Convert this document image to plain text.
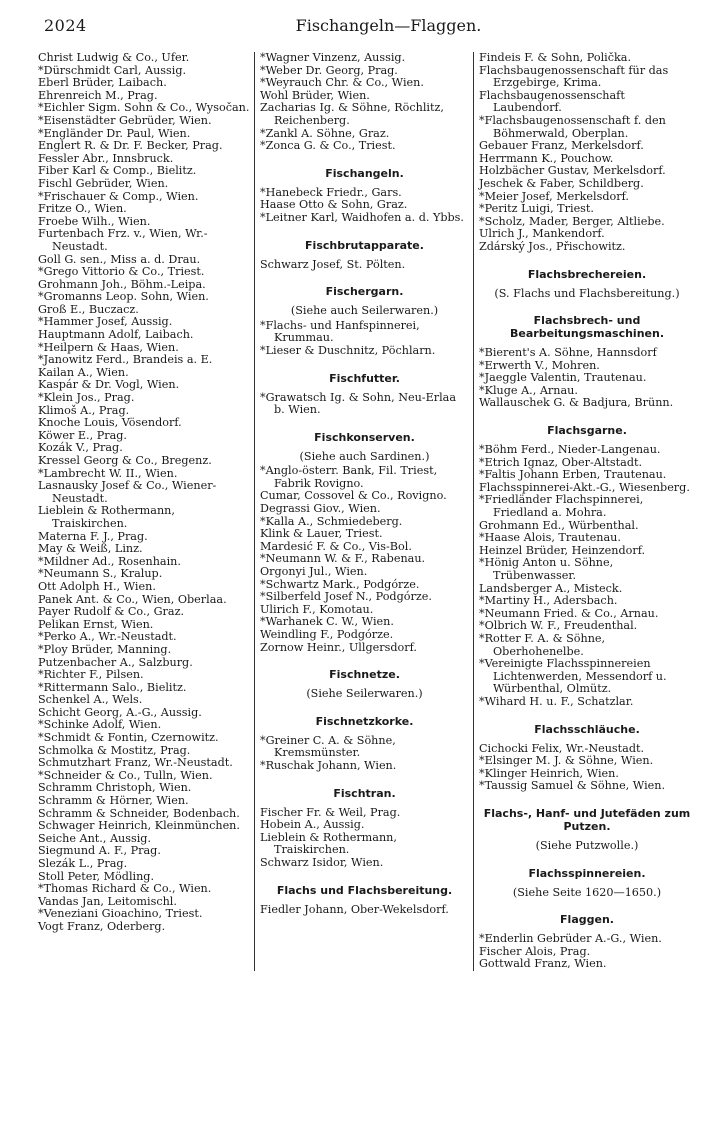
2024	Fischangeln—Flaggen.
Christ Ludwig & Co., Ufer.
*Dürschmidt Carl, Aussig.
Eberl Brüder, Laibach.
Ehrenreich M., Prag.
*Eichler Sigm. Sohn & Co., Wysočan.
*Eisenstädter Gebrüder, Wien.
*Engländer Dr. Paul, Wien.
Englert R. & Dr. F. Becker, Prag.
Fessler Abr., Innsbruck.
Fiber Karl & Comp., Bielitz.
Fischl Gebrüder, Wien.
*Frischauer & Comp., Wien.
Fritze O., Wien.
Froebe Wilh., Wien.
Furtenbach Frz. v., Wien, Wr.-Neustadt.
Goll G. sen., Miss a. d. Drau.
*Grego Vittorio & Co., Triest.
Grohmann Joh., Böhm.-Leipa.
*Gromanns Leop. Sohn, Wien.
Groß E., Buczacz.
*Hammer Josef, Aussig.
Hauptmann Adolf, Laibach.
*Heilpern & Haas, Wien.
*Janowitz Ferd., Brandeis a. E.
Kailan A., Wien.
Kaspár & Dr. Vogl, Wien.
*Klein Jos., Prag.
Klimoš A., Prag.
Knoche Louis, Vösendorf.
Köwer E., Prag.
Kozák V., Prag.
Kressel Georg & Co., Bregenz.
*Lambrecht W. II., Wien.
Lasnausky Josef & Co., Wiener-Neustadt.
Lieblein & Rothermann, Traiskirchen.
Materna F. J., Prag.
May & Weiß, Linz.
*Mildner Ad., Rosenhain.
*Neumann S., Kralup.
Ott Adolph H., Wien.
Panek Ant. & Co., Wien, Oberlaa.
Payer Rudolf & Co., Graz.
Pelikan Ernst, Wien.
*Perko A., Wr.-Neustadt.
*Ploy Brüder, Manning.
Putzenbacher A., Salzburg.
*Richter F., Pilsen.
*Rittermann Salo., Bielitz.
Schenkel A., Wels.
Schicht Georg, A.-G., Aussig.
*Schinke Adolf, Wien.
*Schmidt & Fontin, Czernowitz.
Schmolka & Mostitz, Prag.
Schmutzhart Franz, Wr.-Neustadt.
*Schneider & Co., Tulln, Wien.
Schramm Christoph, Wien.
Schramm & Hörner, Wien.
Schramm & Schneider, Bodenbach.
Schwager Heinrich, Kleinmünchen.
Seiche Ant., Aussig.
Siegmund A. F., Prag.
Slezák L., Prag.
Stoll Peter, Mödling.
*Thomas Richard & Co., Wien.
Vandas Jan, Leitomischl.
*Veneziani Gioachino, Triest.
Vogt Franz, Oderberg.
*Wagner Vinzenz, Aussig.
*Weber Dr. Georg, Prag.
*Weyrauch Chr. & Co., Wien.
Wohl Brüder, Wien.
Zacharias Ig. & Söhne, Röchlitz, Reichenberg.
*Zankl A. Söhne, Graz.
*Zonca G. & Co., Triest.
Fischangeln.
*Hanebeck Friedr., Gars.
Haase Otto & Sohn, Graz.
*Leitner Karl, Waidhofen a. d. Ybbs.
Fischbrutapparate.
Schwarz Josef, St. Pölten.
Fischergarn.
(Siehe auch Seilerwaren.)
*Flachs- und Hanfspinnerei, Krummau.
*Lieser & Duschnitz, Pöchlarn.
Fischfutter.
*Grawatsch Ig. & Sohn, Neu-Erlaa b. Wien.
Fischkonserven.
(Siehe auch Sardinen.)
*Anglo-österr. Bank, Fil. Triest, Fabrik Rovigno.
Cumar, Cossovel & Co., Rovigno.
Degrassi Giov., Wien.
*Kalla A., Schmiedeberg.
Klink & Lauer, Triest.
Mardesić F. & Co., Vis-Bol.
*Neumann W. & F., Rabenau.
Orgonyi Jul., Wien.
*Schwartz Mark., Podgórze.
*Silberfeld Josef N., Podgórze.
Ulirich F., Komotau.
*Warhanek C. W., Wien.
Weindling F., Podgórze.
Zornow Heinr., Ullgersdorf.
Fischnetze.
(Siehe Seilerwaren.)
Fischnetzkorke.
*Greiner C. A. & Söhne, Kremsmünster.
*Ruschak Johann, Wien.
Fischtran.
Fischer Fr. & Weil, Prag.
Hobein A., Aussig.
Lieblein & Rothermann, Traiskirchen.
Schwarz Isidor, Wien.
Flachs und Flachsbereitung.
Fiedler Johann, Ober-Wekelsdorf.
Findeis F. & Sohn, Polička.
Flachsbaugenossenschaft für das Erzgebirge, Krima.
Flachsbaugenossenschaft Laubendorf.
*Flachsbaugenossenschaft f. den Böhmerwald, Oberplan.
Gebauer Franz, Merkelsdorf.
Herrmann K., Pouchow.
Holzbächer Gustav, Merkelsdorf.
Jeschek & Faber, Schildberg.
*Meier Josef, Merkelsdorf.
*Peritz Luigi, Triest.
*Scholz, Mader, Berger, Altliebe.
Ulrich J., Mankendorf.
Zdárský Jos., Přischowitz.
Flachsbrechereien.
(S. Flachs und Flachsbereitung.)
Flachsbrech- und Bearbeitungsmaschinen.
*Bierent's A. Söhne, Hannsdorf
*Erwerth V., Mohren.
*Jaeggle Valentin, Trautenau.
*Kluge A., Arnau.
Wallauschek G. & Badjura, Brünn.
Flachsgarne.
*Böhm Ferd., Nieder-Langenau.
*Etrich Ignaz, Ober-Altstadt.
*Faltis Johann Erben, Trautenau.
Flachsspinnerei-Akt.-G., Wiesenberg.
*Friedländer Flachspinnerei, Friedland a. Mohra.
Grohmann Ed., Würbenthal.
*Haase Alois, Trautenau.
Heinzel Brüder, Heinzendorf.
*Hönig Anton u. Söhne, Trübenwasser.
Landsberger A., Misteck.
*Martiny H., Adersbach.
*Neumann Fried. & Co., Arnau.
*Olbrich W. F., Freudenthal.
*Rotter F. A. & Söhne, Oberhohenelbe.
*Vereinigte Flachsspinnereien Lichtenwerden, Messendorf u. Würbenthal, Olmütz.
*Wihard H. u. F., Schatzlar.
Flachsschläuche.
Cichocki Felix, Wr.-Neustadt.
*Elsinger M. J. & Söhne, Wien.
*Klinger Heinrich, Wien.
*Taussig Samuel & Söhne, Wien.
Flachs-, Hanf- und Jutefäden zum Putzen.
(Siehe Putzwolle.)
Flachsspinnereien.
(Siehe Seite 1620—1650.)
Flaggen.
*Enderlin Gebrüder A.-G., Wien.
Fischer Alois, Prag.
Gottwald Franz, Wien.
